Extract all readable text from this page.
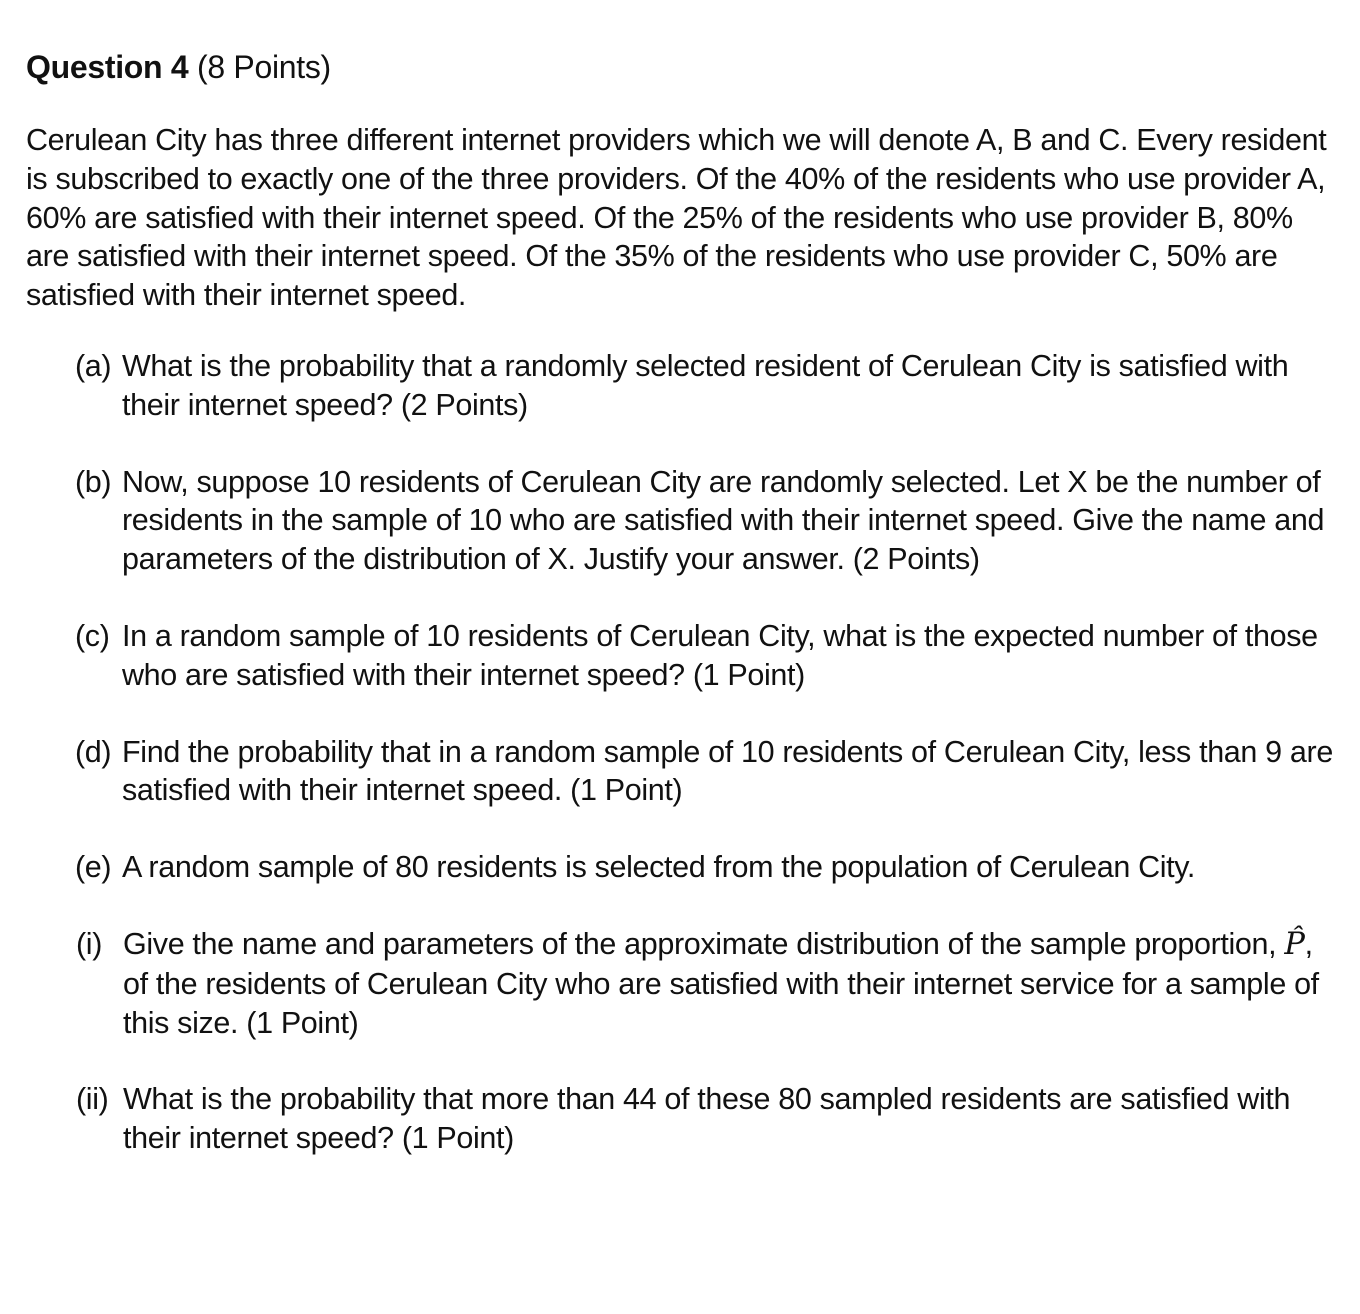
Question 4 (8 Points)

Cerulean City has three different internet providers which we will denote A, B and C. Every resident is subscribed to exactly one of the three providers. Of the 40% of the residents who use provider A, 60% are satisfied with their internet speed. Of the 25% of the residents who use provider B, 80% are satisfied with their internet speed. Of the 35% of the residents who use provider C, 50% are satisfied with their internet speed.

(a) What is the probability that a randomly selected resident of Cerulean City is satisfied with their internet speed? (2 Points)
(b) Now, suppose 10 residents of Cerulean City are randomly selected. Let X be the number of residents in the sample of 10 who are satisfied with their internet speed. Give the name and parameters of the distribution of X. Justify your answer. (2 Points)
(c) In a random sample of 10 residents of Cerulean City, what is the expected number of those who are satisfied with their internet speed? (1 Point)
(d) Find the probability that in a random sample of 10 residents of Cerulean City, less than 9 are satisfied with their internet speed. (1 Point)
(e) A random sample of 80 residents is selected from the population of Cerulean City.
(i) Give the name and parameters of the approximate distribution of the sample proportion, P̂, of the residents of Cerulean City who are satisfied with their internet service for a sample of this size. (1 Point)
(ii) What is the probability that more than 44 of these 80 sampled residents are satisfied with their internet speed? (1 Point)
